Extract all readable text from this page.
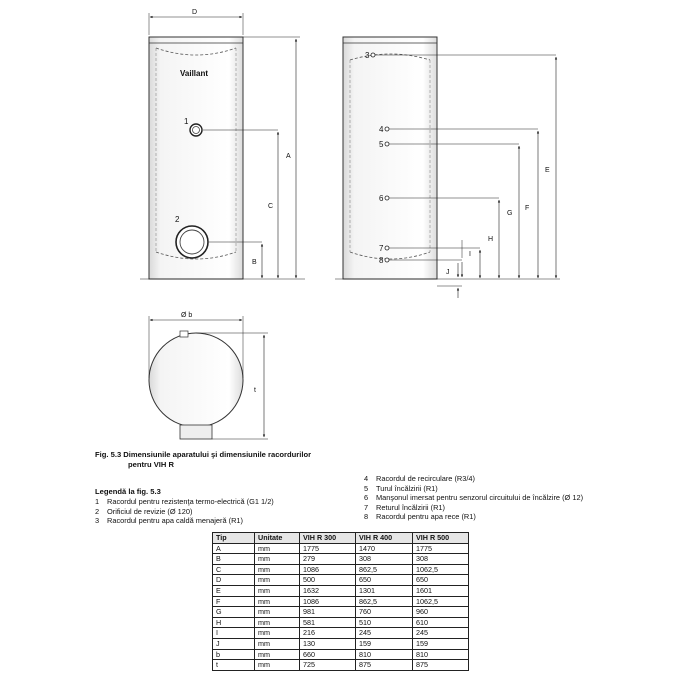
Vaillant
1
2
D
B
C
A
3
4
5
6
7
8
J
I
H
G
F
E
Ø b
t
Fig. 5.3 Dimensiunile aparatului şi dimensiunile racordurilor
pentru VIH R
Legendă la fig. 5.3
1 Racordul pentru rezistenţa termo-electrică (G1 1/2)
2 Orificiul de revizie (Ø 120)
3 Racordul pentru apa caldă menajeră (R1)
4 Racordul de recirculare (R3/4)
5 Turul încălzirii (R1)
6 Manşonul imersat pentru senzorul circuitului de încălzire (Ø 12)
7 Returul încălzirii (R1)
8 Racordul pentru apa rece (R1)
Tip	Unitate	VIH R 300	VIH R 400	VIH R 500
A	mm	1775	1470	1775
B	mm	279	308	308
C	mm	1086	862,5	1062,5
D	mm	500	650	650
E	mm	1632	1301	1601
F	mm	1086	862,5	1062,5
G	mm	981	760	960
H	mm	581	510	610
I	mm	216	245	245
J	mm	130	159	159
b	mm	660	810	810
t	mm	725	875	875
